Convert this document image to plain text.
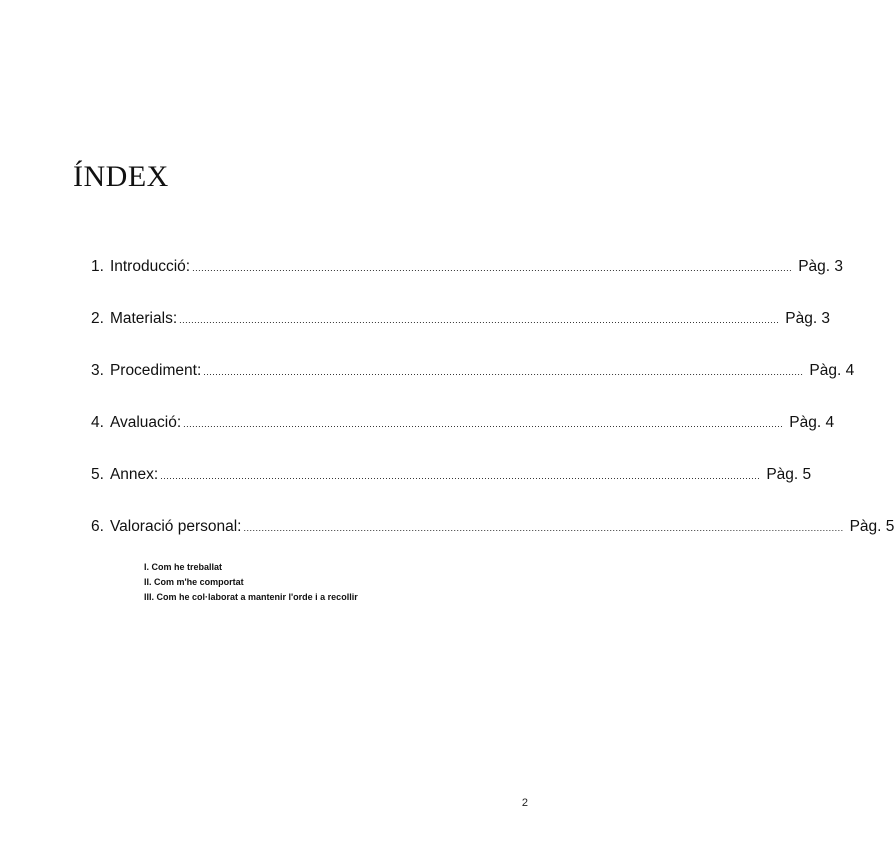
ÍNDEX
1. Introducció: ........................................................................................................................................................................................................ Pàg. 3
2. Materials: ........................................................................................................................................................................................................ Pàg. 3
3. Procediment: ........................................................................................................................................................................................................ Pàg. 4
4. Avaluació: ........................................................................................................................................................................................................ Pàg. 4
5. Annex: ........................................................................................................................................................................................................ Pàg. 5
6. Valoració personal: ........................................................................................................................................................................................................ Pàg. 5
I. Com he treballat
II. Com m'he comportat
III. Com he col·laborat a mantenir l'orde i a recollir
2
